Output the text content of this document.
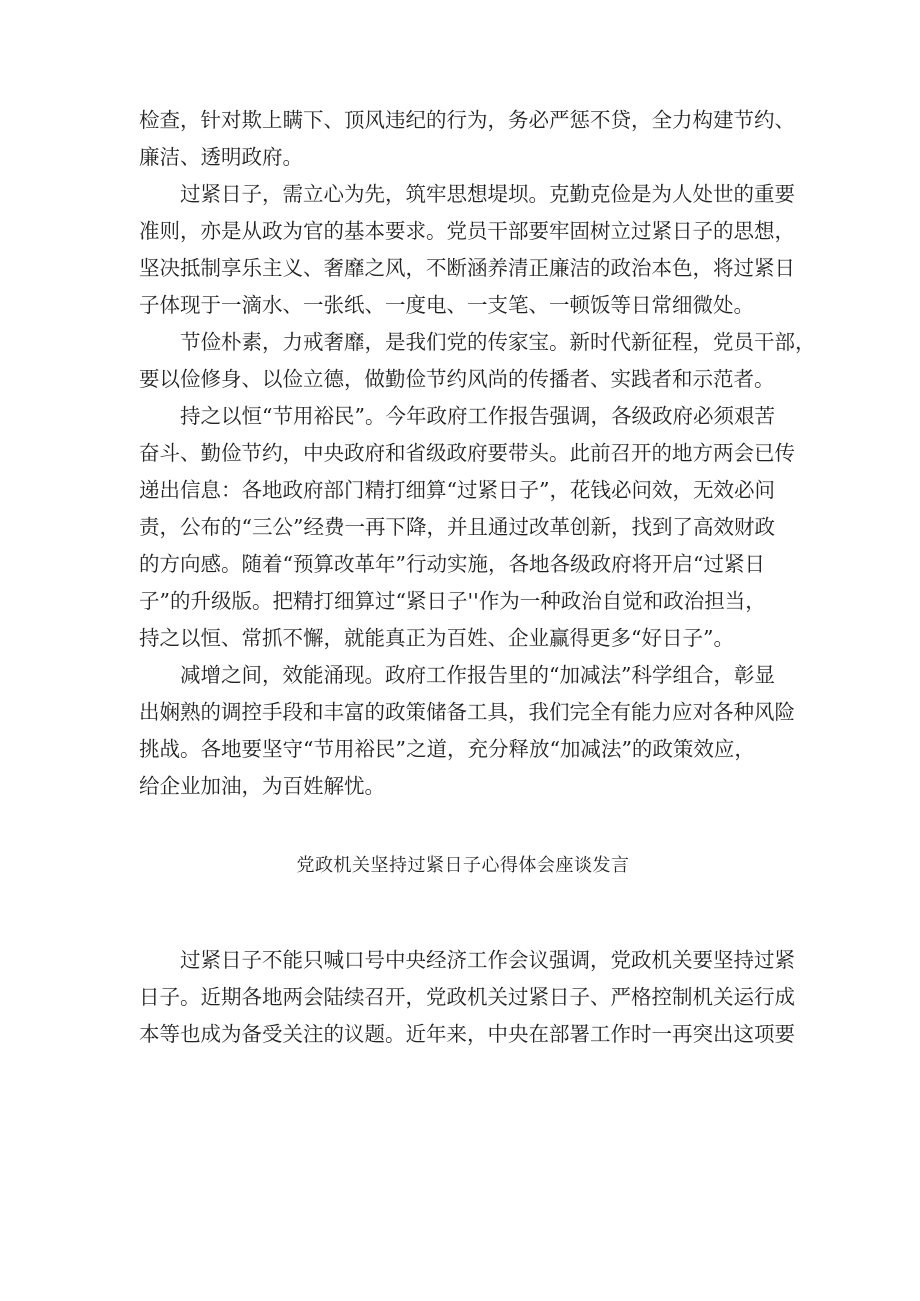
检查，针对欺上瞒下、顶风违纪的行为，务必严惩不贷，全力构建节约、
廉洁、透明政府。
过紧日子，需立心为先，筑牢思想堤坝。克勤克俭是为人处世的重要
准则，亦是从政为官的基本要求。党员干部要牢固树立过紧日子的思想，
坚决抵制享乐主义、奢靡之风，不断涵养清正廉洁的政治本色，将过紧日
子体现于一滴水、一张纸、一度电、一支笔、一顿饭等日常细微处。
节俭朴素，力戒奢靡，是我们党的传家宝。新时代新征程，党员干部，
要以俭修身、以俭立德，做勤俭节约风尚的传播者、实践者和示范者。
持之以恒“节用裕民”。今年政府工作报告强调，各级政府必须艰苦
奋斗、勤俭节约，中央政府和省级政府要带头。此前召开的地方两会已传
递出信息：各地政府部门精打细算“过紧日子”，花钱必问效，无效必问
责，公布的“三公”经费一再下降，并且通过改革创新，找到了高效财政
的方向感。随着“预算改革年”行动实施，各地各级政府将开启“过紧日
子”的升级版。把精打细算过“紧日子''作为一种政治自觉和政治担当，
持之以恒、常抓不懈，就能真正为百姓、企业赢得更多“好日子”。
减增之间，效能涌现。政府工作报告里的“加减法”科学组合，彰显
出娴熟的调控手段和丰富的政策储备工具，我们完全有能力应对各种风险
挑战。各地要坚守“节用裕民”之道，充分释放“加减法”的政策效应，
给企业加油，为百姓解忧。
党政机关坚持过紧日子心得体会座谈发言
过紧日子不能只喊口号中央经济工作会议强调，党政机关要坚持过紧
日子。近期各地两会陆续召开，党政机关过紧日子、严格控制机关运行成
本等也成为备受关注的议题。近年来，中央在部署工作时一再突出这项要
